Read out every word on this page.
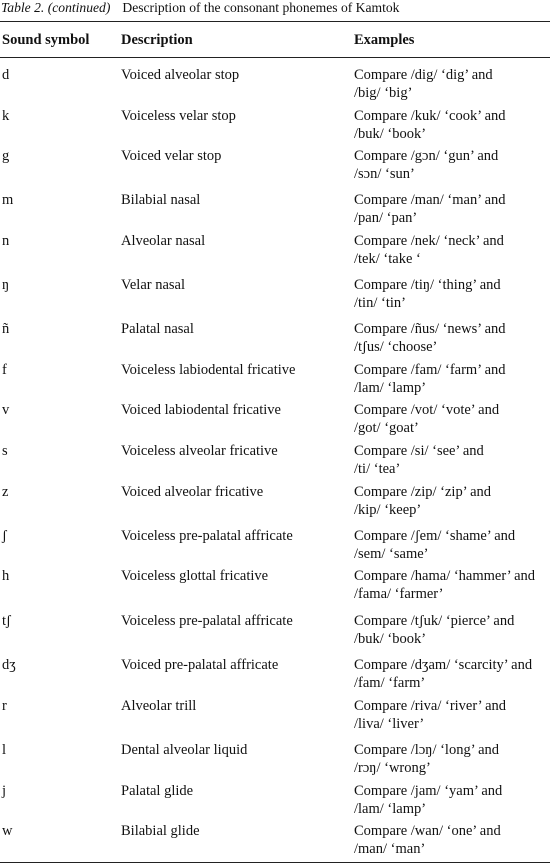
Table 2. (continued) Description of the consonant phonemes of Kamtok
Sound symbol Description	Examples
d	Voiced alveolar stop	Compare /dig/ ‘dig’ and
/big/ ‘big’
k	Voiceless velar stop	Compare /kuk/ ‘cook’ and
/buk/ ‘book’
g	Voiced velar stop	Compare /gɔn/ ‘gun’ and
/sɔn/ ‘sun’
m	Bilabial nasal	Compare /man/ ‘man’ and
/pan/ ‘pan’
n	Alveolar nasal	Compare /nek/ ‘neck’ and
/tek/ ‘take ‘
ŋ	Velar nasal	Compare /tiŋ/ ‘thing’ and
/tin/ ‘tin’
ñ	Palatal nasal	Compare /ñus/ ‘news’ and
/tʃus/ ‘choose’
f	Voiceless labiodental fricative	Compare /fam/ ‘farm’ and
/lam/ ‘lamp’
v	Voiced labiodental fricative	Compare /vot/ ‘vote’ and
/got/ ‘goat’
s	Voiceless alveolar fricative	Compare /si/ ‘see’ and
/ti/ ‘tea’
z	Voiced alveolar fricative	Compare /zip/ ‘zip’ and
/kip/ ‘keep’
ʃ	Voiceless pre-palatal affricate	Compare /ʃem/ ‘shame’ and
/sem/ ‘same’
h	Voiceless glottal fricative	Compare /hama/ ‘hammer’ and
/fama/ ‘farmer’
tʃ	Voiceless pre-palatal affricate	Compare /tʃuk/ ‘pierce’ and
/buk/ ‘book’
dʒ	Voiced pre-palatal affricate	Compare /dʒam/ ‘scarcity’ and
/fam/ ‘farm’
r	Alveolar trill	Compare /riva/ ‘river’ and
/liva/ ‘liver’
l	Dental alveolar liquid	Compare /lɔŋ/ ‘long’ and
/rɔŋ/ ‘wrong’
j	Palatal glide	Compare /jam/ ‘yam’ and
/lam/ ‘lamp’
w	Bilabial glide	Compare /wan/ ‘one’ and
/man/ ‘man’
